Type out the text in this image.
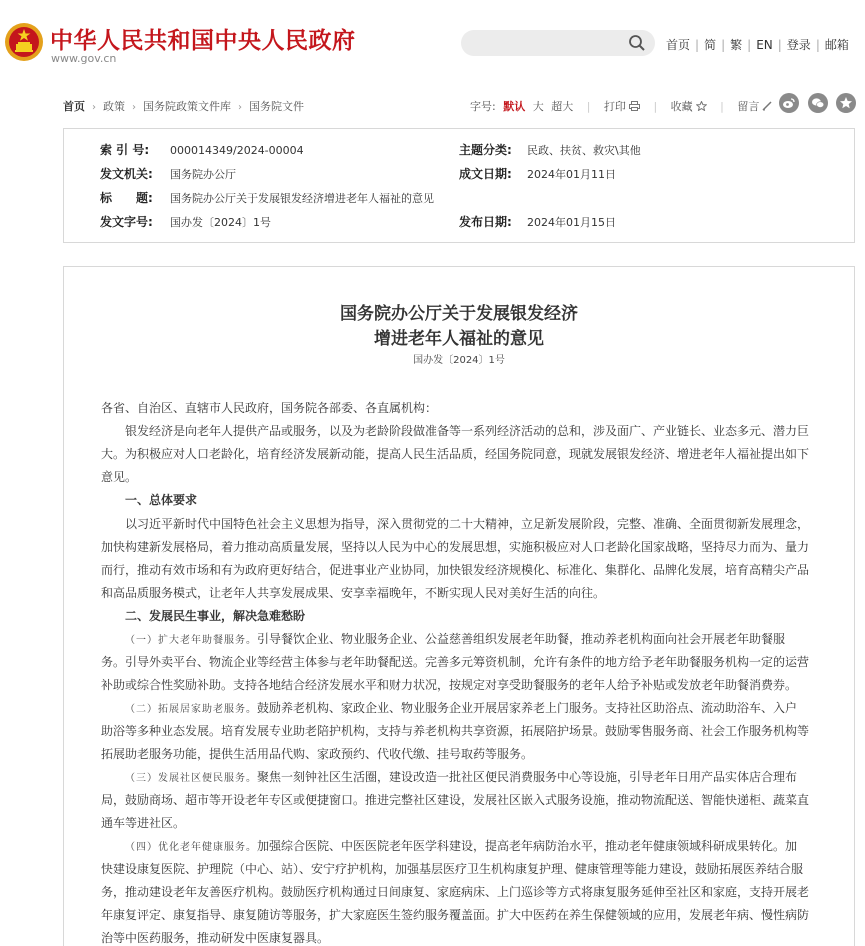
中华人民共和国中央人民政府
www.gov.cn
首页 | 简 | 繁 | EN | 登录 | 邮箱
首页 › 政策 › 国务院政策文件库 › 国务院文件	字号: 默认 大 超大 | 打印	| 收藏	| 留言

索 引 号: 000014349/2024-00004	主题分类: 民政、扶贫、救灾\其他
发文机关: 国务院办公厅	成文日期: 2024年01月11日
标　　题: 国务院办公厅关于发展银发经济增进老年人福祉的意见
发文字号: 国办发〔2024〕1号	发布日期: 2024年01月15日
国务院办公厅关于发展银发经济
增进老年人福祉的意见
国办发〔2024〕1号
各省、自治区、直辖市人民政府，国务院各部委、各直属机构：
银发经济是向老年人提供产品或服务，以及为老龄阶段做准备等一系列经济活动的总和，涉及面广、产业链长、业态多元、潜力巨
大。为积极应对人口老龄化，培育经济发展新动能，提高人民生活品质，经国务院同意，现就发展银发经济、增进老年人福祉提出如下
意见。
一、总体要求
以习近平新时代中国特色社会主义思想为指导，深入贯彻党的二十大精神，立足新发展阶段，完整、准确、全面贯彻新发展理念，
加快构建新发展格局，着力推动高质量发展，坚持以人民为中心的发展思想，实施积极应对人口老龄化国家战略，坚持尽力而为、量力
而行，推动有效市场和有为政府更好结合，促进事业产业协同，加快银发经济规模化、标准化、集群化、品牌化发展，培育高精尖产品
和高品质服务模式，让老年人共享发展成果、安享幸福晚年，不断实现人民对美好生活的向往。
二、发展民生事业，解决急难愁盼
（一）扩大老年助餐服务。引导餐饮企业、物业服务企业、公益慈善组织发展老年助餐，推动养老机构面向社会开展老年助餐服
务。引导外卖平台、物流企业等经营主体参与老年助餐配送。完善多元筹资机制，允许有条件的地方给予老年助餐服务机构一定的运营
补助或综合性奖励补助。支持各地结合经济发展水平和财力状况，按规定对享受助餐服务的老年人给予补贴或发放老年助餐消费券。
（二）拓展居家助老服务。鼓励养老机构、家政企业、物业服务企业开展居家养老上门服务。支持社区助浴点、流动助浴车、入户
助浴等多种业态发展。培育发展专业助老陪护机构，支持与养老机构共享资源，拓展陪护场景。鼓励零售服务商、社会工作服务机构等
拓展助老服务功能，提供生活用品代购、家政预约、代收代缴、挂号取药等服务。
（三）发展社区便民服务。聚焦一刻钟社区生活圈，建设改造一批社区便民消费服务中心等设施，引导老年日用产品实体店合理布
局，鼓励商场、超市等开设老年专区或便捷窗口。推进完整社区建设，发展社区嵌入式服务设施，推动物流配送、智能快递柜、蔬菜直
通车等进社区。
（四）优化老年健康服务。加强综合医院、中医医院老年医学科建设，提高老年病防治水平，推动老年健康领域科研成果转化。加
快建设康复医院、护理院（中心、站）、安宁疗护机构，加强基层医疗卫生机构康复护理、健康管理等能力建设，鼓励拓展医养结合服
务，推动建设老年友善医疗机构。鼓励医疗机构通过日间康复、家庭病床、上门巡诊等方式将康复服务延伸至社区和家庭，支持开展老
年康复评定、康复指导、康复随访等服务，扩大家庭医生签约服务覆盖面。扩大中医药在养生保健领域的应用，发展老年病、慢性病防
治等中医药服务，推动研发中医康复器具。
